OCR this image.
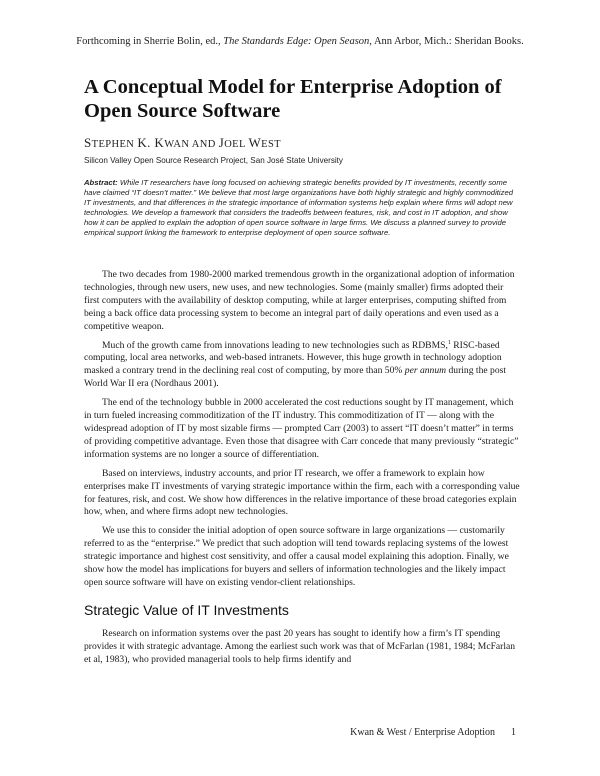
Forthcoming in Sherrie Bolin, ed., The Standards Edge: Open Season, Ann Arbor, Mich.: Sheridan Books.
A Conceptual Model for Enterprise Adoption of Open Source Software
STEPHEN K. KWAN AND JOEL WEST
Silicon Valley Open Source Research Project, San José State University

Abstract: While IT researchers have long focused on achieving strategic benefits provided by IT investments, recently some have claimed “IT doesn’t matter.” We believe that most large organizations have both highly strategic and highly commoditized IT investments, and that differences in the strategic importance of information systems help explain where firms will adopt new technologies. We develop a framework that considers the tradeoffs between features, risk, and cost in IT adoption, and show how it can be applied to explain the adoption of open source software in large firms. We discuss a planned survey to provide empirical support linking the framework to enterprise deployment of open source software.

The two decades from 1980-2000 marked tremendous growth in the organizational adoption of information technologies, through new users, new uses, and new technologies. Some (mainly smaller) firms adopted their first computers with the availability of desktop computing, while at larger enterprises, computing shifted from being a back office data processing system to become an integral part of daily operations and even used as a competitive weapon.

Much of the growth came from innovations leading to new technologies such as RDBMS,$^1$ RISC-based computing, local area networks, and web-based intranets. However, this huge growth in technology adoption masked a contrary trend in the declining real cost of computing, by more than 50% per annum during the post World War II era (Nordhaus 2001).

The end of the technology bubble in 2000 accelerated the cost reductions sought by IT management, which in turn fueled increasing commoditization of the IT industry. This commoditization of IT — along with the widespread adoption of IT by most sizable firms — prompted Carr (2003) to assert “IT doesn’t matter” in terms of providing competitive advantage. Even those that disagree with Carr concede that many previously “strategic” information systems are no longer a source of differentiation.

Based on interviews, industry accounts, and prior IT research, we offer a framework to explain how enterprises make IT investments of varying strategic importance within the firm, each with a corresponding value for features, risk, and cost. We show how differences in the relative importance of these broad categories explain how, when, and where firms adopt new technologies.

We use this to consider the initial adoption of open source software in large organizations — customarily referred to as the “enterprise.” We predict that such adoption will tend towards replacing systems of the lowest strategic importance and highest cost sensitivity, and offer a causal model explaining this adoption. Finally, we show how the model has implications for buyers and sellers of information technologies and the likely impact open source software will have on existing vendor-client relationships.

Strategic Value of IT Investments

Research on information systems over the past 20 years has sought to identify how a firm’s IT spending provides it with strategic advantage. Among the earliest such work was that of McFarlan (1981, 1984; McFarlan et al, 1983), who provided managerial tools to help firms identify and

Kwan & West / Enterprise Adoption 1
